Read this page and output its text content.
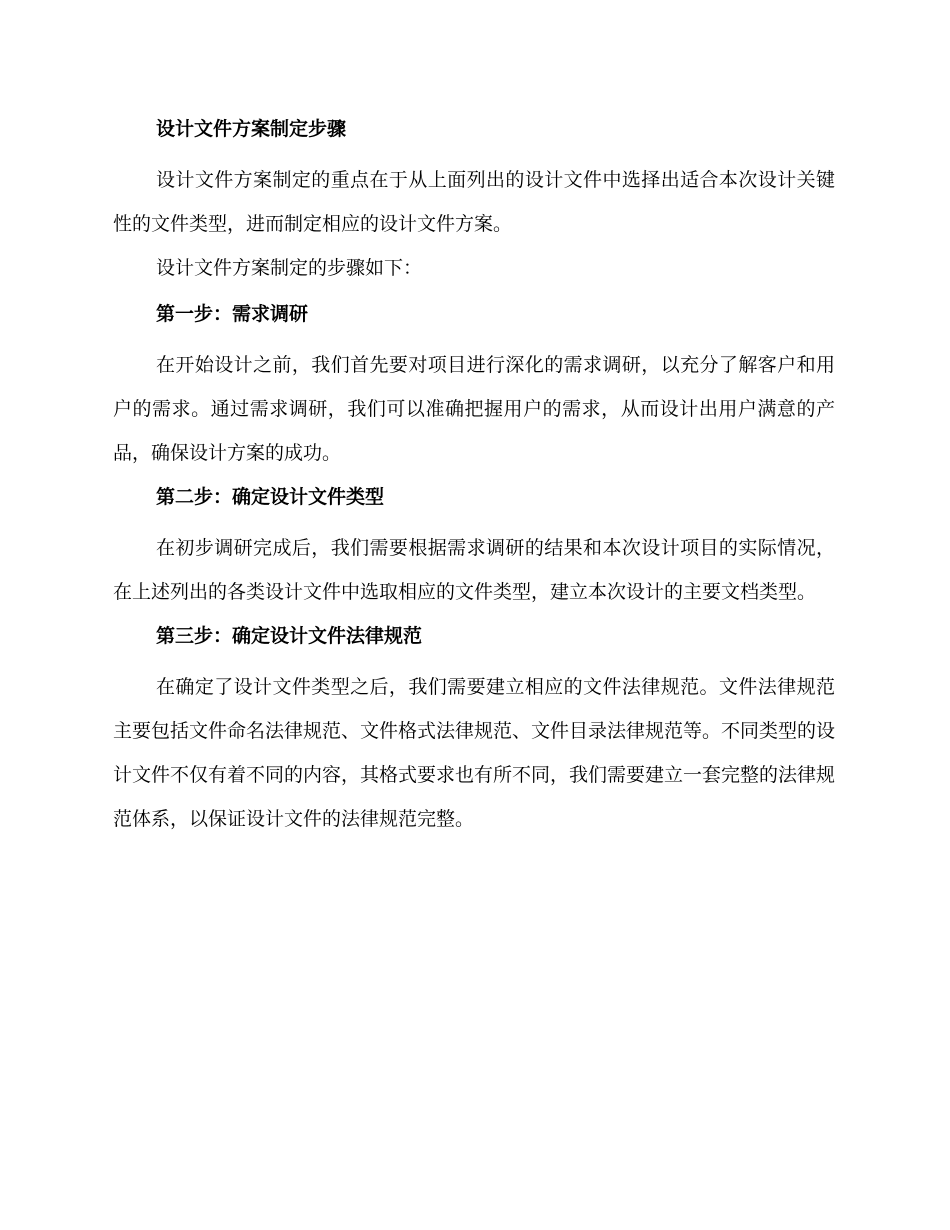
设计文件方案制定步骤

设计文件方案制定的重点在于从上面列出的设计文件中选择出适合本次设计关键性的文件类型，进而制定相应的设计文件方案。

设计文件方案制定的步骤如下：

第一步：需求调研

在开始设计之前，我们首先要对项目进行深化的需求调研，以充分了解客户和用户的需求。通过需求调研，我们可以准确把握用户的需求，从而设计出用户满意的产品，确保设计方案的成功。

第二步：确定设计文件类型

在初步调研完成后，我们需要根据需求调研的结果和本次设计项目的实际情况，在上述列出的各类设计文件中选取相应的文件类型，建立本次设计的主要文档类型。

第三步：确定设计文件法律规范

在确定了设计文件类型之后，我们需要建立相应的文件法律规范。文件法律规范主要包括文件命名法律规范、文件格式法律规范、文件目录法律规范等。不同类型的设计文件不仅有着不同的内容，其格式要求也有所不同，我们需要建立一套完整的法律规范体系，以保证设计文件的法律规范完整。
